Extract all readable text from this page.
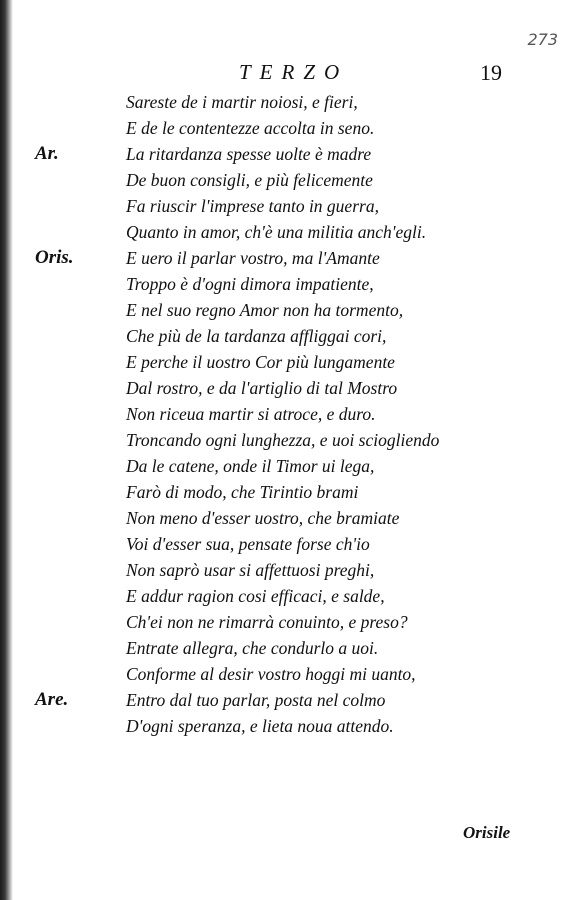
273
TERZO	19
Sareste de i martir noiosi, e fieri,
E de le contentezze accolta in seno.
Ar.	La ritardanza spesse uolte è madre
De buon consigli, e più felicemente
Fa riuscir l'imprese tanto in guerra,
Quanto in amor, ch'è una militia anch'egli.
Oris.	E uero il parlar vostro, ma l'Amante
Troppo è d'ogni dimora impatiente,
E nel suo regno Amor non ha tormento,
Che più de la tardanza affliggai cori,
E perche il uostro Cor più lungamente
Dal rostro, e da l'artiglio di tal Mostro
Non riceua martir si atroce, e duro.
Troncando ogni lunghezza, e uoi sciogliendo
Da le catene, onde il Timor ui lega,
Farò di modo, che Tirintio brami
Non meno d'esser uostro, che bramiate
Voi d'esser sua, pensate forse ch'io
Non saprò usar si affettuosi preghi,
E addur ragion cosi efficaci, e salde,
Ch'ei non ne rimarrà conuinto, e preso?
Entrate allegra, che condurlo a uoi.
Conforme al desir vostro hoggi mi uanto,
Are.	Entro dal tuo parlar, posta nel colmo
D'ogni speranza, e lieta noua attendo.
Orisile
